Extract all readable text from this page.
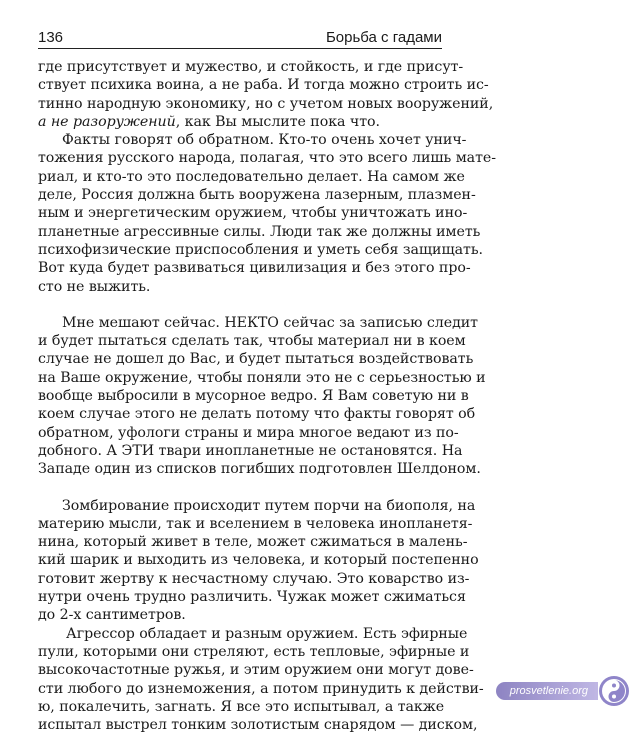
136	Борьба с гадами
где присутствует и мужество, и стойкость, и где присут-
ствует психика воина, а не раба. И тогда можно строить ис-
тинно народную экономику, но с учетом новых вооружений,
а не разоружений, как Вы мыслите пока что.
Факты говорят об обратном. Кто-то очень хочет унич-
тожения русского народа, полагая, что это всего лишь мате-
риал, и кто-то это последовательно делает. На самом же
деле, Россия должна быть вооружена лазерным, плазмен-
ным и энергетическим оружием, чтобы уничтожать ино-
планетные агрессивные силы. Люди так же должны иметь
психофизические приспособления и уметь себя защищать.
Вот куда будет развиваться цивилизация и без этого про-
сто не выжить.
Мне мешают сейчас. НЕКТО сейчас за записью следит
и будет пытаться сделать так, чтобы материал ни в коем
случае не дошел до Вас, и будет пытаться воздействовать
на Ваше окружение, чтобы поняли это не с серьезностью и
вообще выбросили в мусорное ведро. Я Вам советую ни в
коем случае этого не делать потому что факты говорят об
обратном, уфологи страны и мира многое ведают из по-
добного. А ЭТИ твари инопланетные не остановятся. На
Западе один из списков погибших подготовлен Шелдоном.
Зомбирование происходит путем порчи на биополя, на
материю мысли, так и вселением в человека инопланетя-
нина, который живет в теле, может сжиматься в малень-
кий шарик и выходить из человека, и который постепенно
готовит жертву к несчастному случаю. Это коварство из-
нутри очень трудно различить. Чужак может сжиматься
до 2-х сантиметров.
Агрессор обладает и разным оружием. Есть эфирные
пули, которыми они стреляют, есть тепловые, эфирные и
высокочастотные ружья, и этим оружием они могут дове-
сти любого до изнеможения, а потом принудить к действи-
ю, покалечить, загнать. Я все это испытывал, а также
испытал выстрел тонким золотистым снарядом — диском,
prosvetlenie.org
